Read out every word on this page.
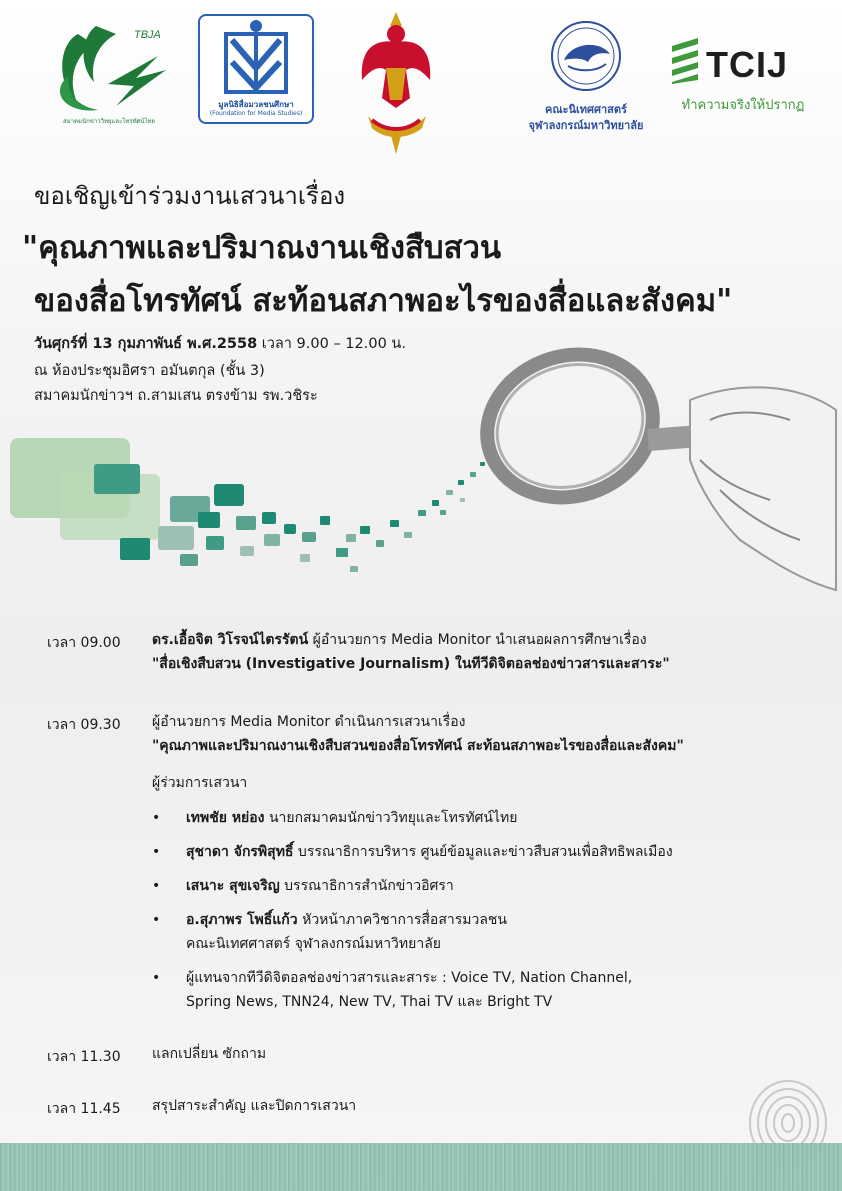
TBJA
สมาคมนักข่าววิทยุและโทรทัศน์ไทย
มูลนิธิสื่อมวลชนศึกษา
(Foundation for Media Studies)	คณะนิเทศศาสตร์
จุฬาลงกรณ์มหาวิทยาลัย
TCIJ
ทำความจริงให้ปรากฏ
ขอเชิญเข้าร่วมงานเสวนาเรื่อง
"คุณภาพและปริมาณงานเชิงสืบสวน
ของสื่อโทรทัศน์ สะท้อนสภาพอะไรของสื่อและสังคม"
วันศุกร์ที่ 13 กุมภาพันธ์ พ.ศ.2558 เวลา 9.00 – 12.00 น.
ณ ห้องประชุมอิศรา อมันตกุล (ชั้น 3)
สมาคมนักข่าวฯ ถ.สามเสน ตรงข้าม รพ.วชิระ
เวลา 09.00 ดร.เอื้อจิต วิโรจน์ไตรรัตน์ ผู้อำนวยการ Media Monitor นำเสนอผลการศึกษาเรื่อง
"สื่อเชิงสืบสวน (Investigative Journalism) ในทีวีดิจิตอลช่องข่าวสารและสาระ"
เวลา 09.30 ผู้อำนวยการ Media Monitor ดำเนินการเสวนาเรื่อง
"คุณภาพและปริมาณงานเชิงสืบสวนของสื่อโทรทัศน์ สะท้อนสภาพอะไรของสื่อและสังคม"
ผู้ร่วมการเสวนา
• เทพชัย หย่อง นายกสมาคมนักข่าววิทยุและโทรทัศน์ไทย
• สุชาดา จักรพิสุทธิ์ บรรณาธิการบริหาร ศูนย์ข้อมูลและข่าวสืบสวนเพื่อสิทธิพลเมือง
• เสนาะ สุขเจริญ บรรณาธิการสำนักข่าวอิศรา
• อ.สุภาพร โพธิ์แก้ว หัวหน้าภาควิชาการสื่อสารมวลชน
คณะนิเทศศาสตร์ จุฬาลงกรณ์มหาวิทยาลัย
• ผู้แทนจากทีวีดิจิตอลช่องข่าวสารและสาระ : Voice TV, Nation Channel,
Spring News, TNN24, New TV, Thai TV และ Bright TV
เวลา 11.30 แลกเปลี่ยน ซักถาม
เวลา 11.45 สรุปสาระสำคัญ และปิดการเสวนา
